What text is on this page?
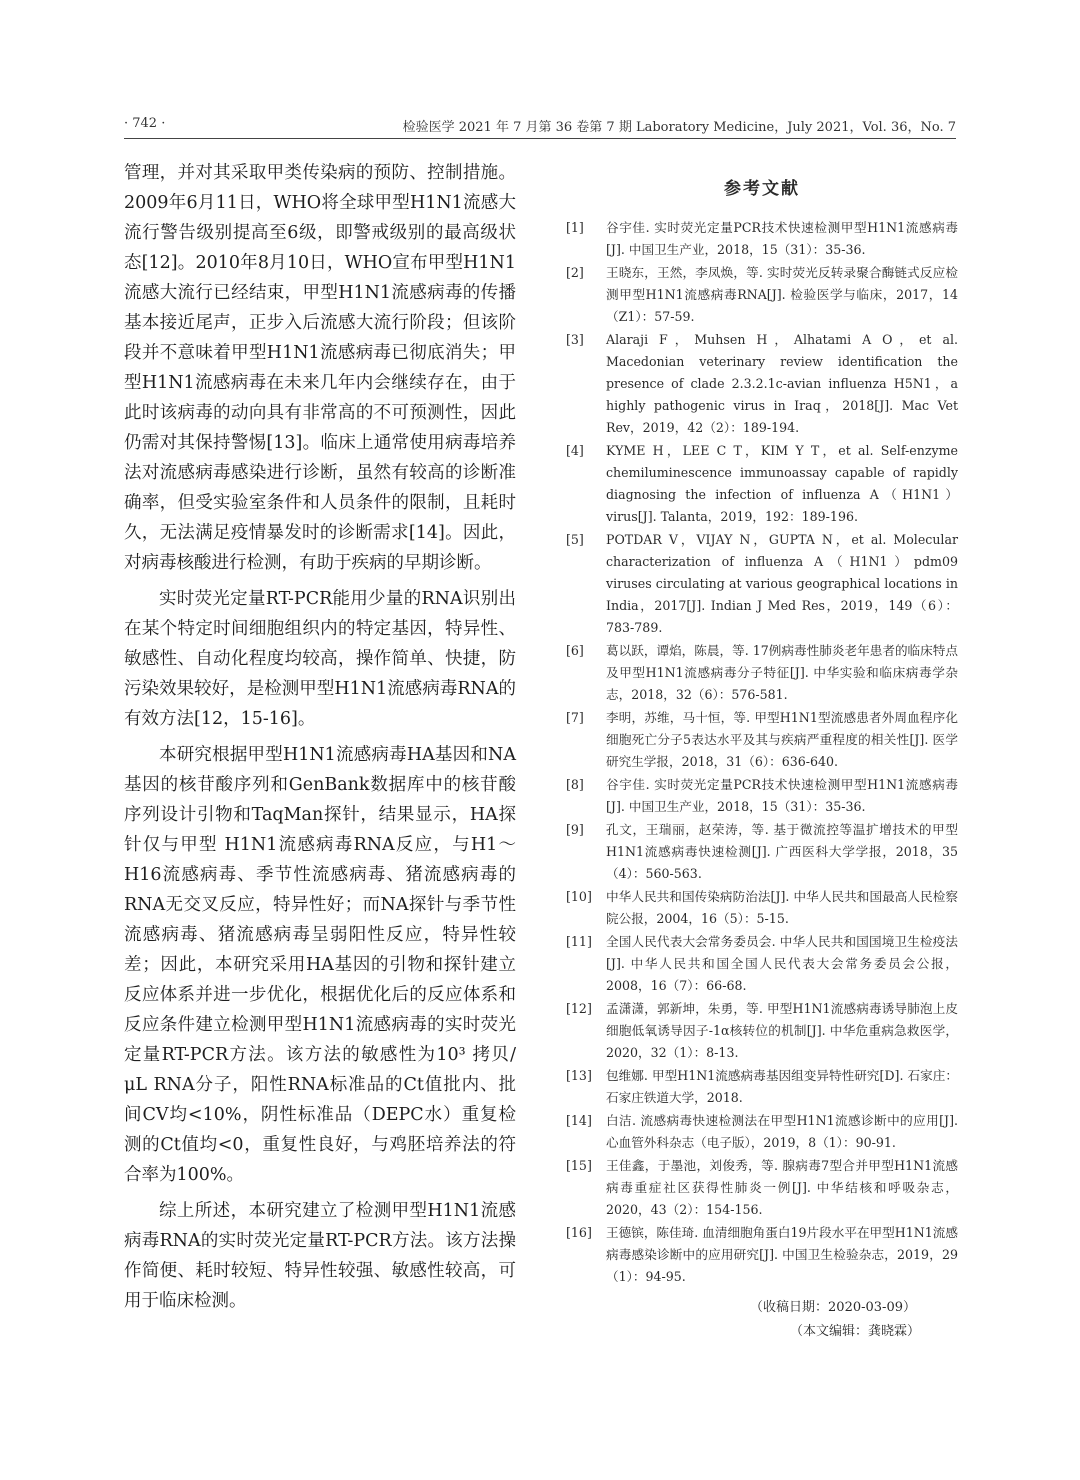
· 742 ·	检验医学 2021 年 7 月第 36 卷第 7 期 Laboratory Medicine，July 2021，Vol. 36，No. 7

管理，并对其采取甲类传染病的预防、控制措施。2009年6月11日，WHO将全球甲型H1N1流感大流行警告级别提高至6级，即警戒级别的最高级状态[12]。2010年8月10日，WHO宣布甲型H1N1流感大流行已经结束，甲型H1N1流感病毒的传播基本接近尾声，正步入后流感大流行阶段；但该阶段并不意味着甲型H1N1流感病毒已彻底消失；甲型H1N1流感病毒在未来几年内会继续存在，由于此时该病毒的动向具有非常高的不可预测性，因此仍需对其保持警惕[13]。临床上通常使用病毒培养法对流感病毒感染进行诊断，虽然有较高的诊断准确率，但受实验室条件和人员条件的限制，且耗时久，无法满足疫情暴发时的诊断需求[14]。因此，对病毒核酸进行检测，有助于疾病的早期诊断。

实时荧光定量RT-PCR能用少量的RNA识别出在某个特定时间细胞组织内的特定基因，特异性、敏感性、自动化程度均较高，操作简单、快捷，防污染效果较好，是检测甲型H1N1流感病毒RNA的有效方法[12，15-16]。

本研究根据甲型H1N1流感病毒HA基因和NA基因的核苷酸序列和GenBank数据库中的核苷酸序列设计引物和TaqMan探针，结果显示，HA探针仅与甲型 H1N1流感病毒RNA反应，与H1～H16流感病毒、季节性流感病毒、猪流感病毒的RNA无交叉反应，特异性好；而NA探针与季节性流感病毒、猪流感病毒呈弱阳性反应，特异性较差；因此，本研究采用HA基因的引物和探针建立反应体系并进一步优化，根据优化后的反应体系和反应条件建立检测甲型H1N1流感病毒的实时荧光定量RT-PCR方法。该方法的敏感性为10³ 拷贝/μL RNA分子，阳性RNA标准品的Ct值批内、批间CV均<10%，阴性标准品（DEPC水）重复检测的Ct值均<0，重复性良好，与鸡胚培养法的符合率为100%。

综上所述，本研究建立了检测甲型H1N1流感病毒RNA的实时荧光定量RT-PCR方法。该方法操作简便、耗时较短、特异性较强、敏感性较高，可用于临床检测。

参考文献
[1] 谷宇佳. 实时荧光定量PCR技术快速检测甲型H1N1流感病毒[J]. 中国卫生产业，2018，15（31）：35-36.
[2] 王晓东，王然，李凤焕，等. 实时荧光反转录聚合酶链式反应检测甲型H1N1流感病毒RNA[J]. 检验医学与临床，2017，14（Z1）：57-59.
[3] Alaraji F，Muhsen H，Alhatami A O，et al. Macedonian veterinary review identification the presence of clade 2.3.2.1c-avian influenza H5N1，a highly pathogenic virus in Iraq，2018[J]. Mac Vet Rev，2019，42（2）：189-194.
[4] KYME H，LEE C T，KIM Y T，et al. Self-enzyme chemiluminescence immunoassay capable of rapidly diagnosing the infection of influenza A（H1N1） virus[J]. Talanta，2019，192：189-196.
[5] POTDAR V，VIJAY N，GUPTA N，et al. Molecular characterization of influenza A（H1N1）pdm09 viruses circulating at various geographical locations in India，2017[J]. Indian J Med Res，2019，149（6）：783-789.
[6] 葛以跃，谭焰，陈晨，等. 17例病毒性肺炎老年患者的临床特点及甲型H1N1流感病毒分子特征[J]. 中华实验和临床病毒学杂志，2018，32（6）：576-581.
[7] 李明，苏维，马十恒，等. 甲型H1N1型流感患者外周血程序化细胞死亡分子5表达水平及其与疾病严重程度的相关性[J]. 医学研究生学报，2018，31（6）：636-640.
[8] 谷宇佳. 实时荧光定量PCR技术快速检测甲型H1N1流感病毒[J]. 中国卫生产业，2018，15（31）：35-36.
[9] 孔文，王瑞丽，赵荣涛，等. 基于微流控等温扩增技术的甲型H1N1流感病毒快速检测[J]. 广西医科大学学报，2018，35（4）：560-563.
[10] 中华人民共和国传染病防治法[J]. 中华人民共和国最高人民检察院公报，2004，16（5）：5-15.
[11] 全国人民代表大会常务委员会. 中华人民共和国国境卫生检疫法[J]. 中华人民共和国全国人民代表大会常务委员会公报，2008，16（7）：66-68.
[12] 孟潇潇，郭新坤，朱勇，等. 甲型H1N1流感病毒诱导肺泡上皮细胞低氧诱导因子-1α核转位的机制[J]. 中华危重病急救医学，2020，32（1）：8-13.
[13] 包维娜. 甲型H1N1流感病毒基因组变异特性研究[D]. 石家庄：石家庄铁道大学，2018.
[14] 白洁. 流感病毒快速检测法在甲型H1N1流感诊断中的应用[J]. 心血管外科杂志（电子版），2019，8（1）：90-91.
[15] 王佳鑫，于墨池，刘俊秀，等. 腺病毒7型合并甲型H1N1流感病毒重症社区获得性肺炎一例[J]. 中华结核和呼吸杂志，2020，43（2）：154-156.
[16] 王德镔，陈佳琦. 血清细胞角蛋白19片段水平在甲型H1N1流感病毒感染诊断中的应用研究[J]. 中国卫生检验杂志，2019，29（1）：94-95.
（收稿日期：2020-03-09）
（本文编辑：龚晓霖）
